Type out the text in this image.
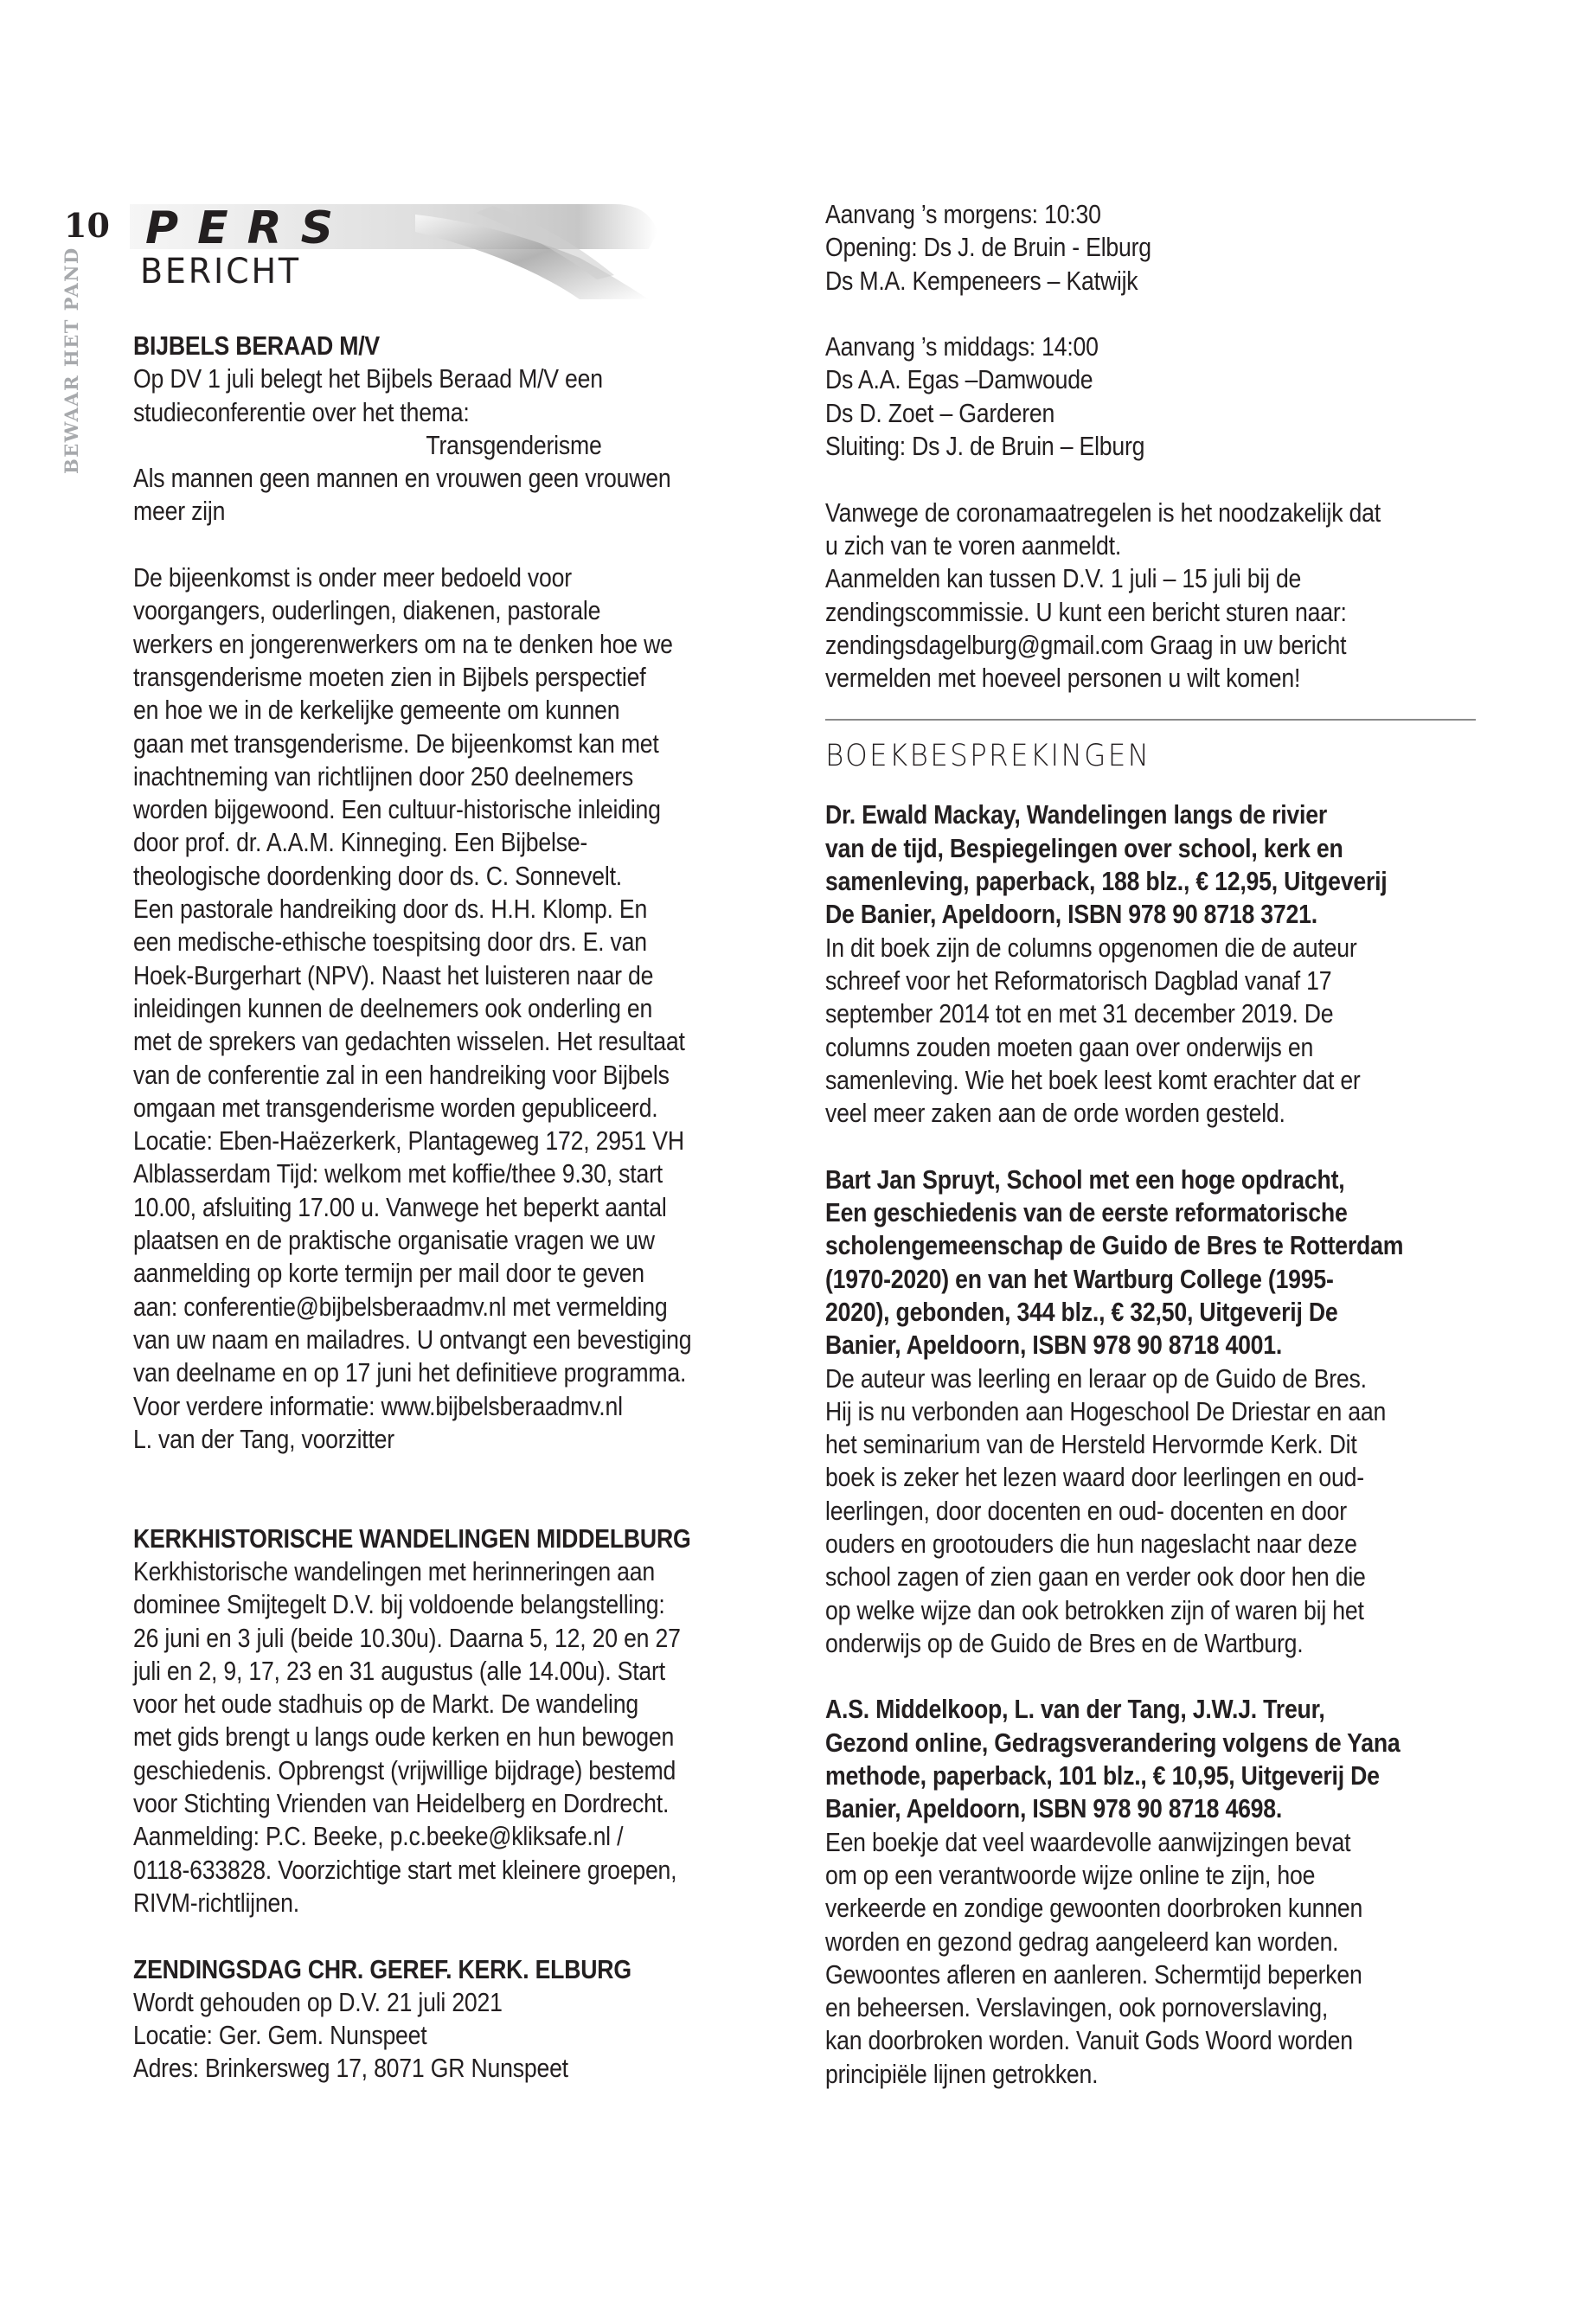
10
BEWAAR HET PAND
PERS
BERICHT
BIJBELS BERAAD M/V
Op DV 1 juli belegt het Bijbels Beraad M/V een
studieconferentie over het thema:
Transgenderisme
Als mannen geen mannen en vrouwen geen vrouwen
meer zijn
De bijeenkomst is onder meer bedoeld voor
voorgangers, ouderlingen, diakenen, pastorale
werkers en jongerenwerkers om na te denken hoe we
transgenderisme moeten zien in Bijbels perspectief
en hoe we in de kerkelijke gemeente om kunnen
gaan met transgenderisme. De bijeenkomst kan met
inachtneming van richtlijnen door 250 deelnemers
worden bijgewoond. Een cultuur-historische inleiding
door prof. dr. A.A.M. Kinneging. Een Bijbelse-
theologische doordenking door ds. C. Sonnevelt.
Een pastorale handreiking door ds. H.H. Klomp. En
een medische-ethische toespitsing door drs. E. van
Hoek-Burgerhart (NPV). Naast het luisteren naar de
inleidingen kunnen de deelnemers ook onderling en
met de sprekers van gedachten wisselen. Het resultaat
van de conferentie zal in een handreiking voor Bijbels
omgaan met transgenderisme worden gepubliceerd.
Locatie: Eben-Haëzerkerk, Plantageweg 172, 2951 VH
Alblasserdam Tijd: welkom met koffie/thee 9.30, start
10.00, afsluiting 17.00 u. Vanwege het beperkt aantal
plaatsen en de praktische organisatie vragen we uw
aanmelding op korte termijn per mail door te geven
aan: conferentie@bijbelsberaadmv.nl met vermelding
van uw naam en mailadres. U ontvangt een bevestiging
van deelname en op 17 juni het definitieve programma.
Voor verdere informatie: www.bijbelsberaadmv.nl
L. van der Tang, voorzitter
KERKHISTORISCHE WANDELINGEN MIDDELBURG
Kerkhistorische wandelingen met herinneringen aan
dominee Smijtegelt D.V. bij voldoende belangstelling:
26 juni en 3 juli (beide 10.30u). Daarna 5, 12, 20 en 27
juli en 2, 9, 17, 23 en 31 augustus (alle 14.00u). Start
voor het oude stadhuis op de Markt. De wandeling
met gids brengt u langs oude kerken en hun bewogen
geschiedenis. Opbrengst (vrijwillige bijdrage) bestemd
voor Stichting Vrienden van Heidelberg en Dordrecht.
Aanmelding: P.C. Beeke, p.c.beeke@kliksafe.nl /
0118-633828. Voorzichtige start met kleinere groepen,
RIVM-richtlijnen.
ZENDINGSDAG CHR. GEREF. KERK. ELBURG
Wordt gehouden op D.V. 21 juli 2021
Locatie: Ger. Gem. Nunspeet
Adres: Brinkersweg 17, 8071 GR Nunspeet
Aanvang ’s morgens: 10:30
Opening: Ds J. de Bruin - Elburg
Ds M.A. Kempeneers – Katwijk
Aanvang ’s middags: 14:00
Ds A.A. Egas –Damwoude
Ds D. Zoet – Garderen
Sluiting: Ds J. de Bruin – Elburg
Vanwege de coronamaatregelen is het noodzakelijk dat
u zich van te voren aanmeldt.
Aanmelden kan tussen D.V. 1 juli – 15 juli bij de
zendingscommissie. U kunt een bericht sturen naar:
zendingsdagelburg@gmail.com Graag in uw bericht
vermelden met hoeveel personen u wilt komen!
BOEKBESPREKINGEN
Dr. Ewald Mackay, Wandelingen langs de rivier
van de tijd, Bespiegelingen over school, kerk en
samenleving, paperback, 188 blz., € 12,95, Uitgeverij
De Banier, Apeldoorn, ISBN 978 90 8718 3721.
In dit boek zijn de columns opgenomen die de auteur
schreef voor het Reformatorisch Dagblad vanaf 17
september 2014 tot en met 31 december 2019. De
columns zouden moeten gaan over onderwijs en
samenleving. Wie het boek leest komt erachter dat er
veel meer zaken aan de orde worden gesteld.
Bart Jan Spruyt, School met een hoge opdracht,
Een geschiedenis van de eerste reformatorische
scholengemeenschap de Guido de Bres te Rotterdam
(1970-2020) en van het Wartburg College (1995-
2020), gebonden, 344 blz., € 32,50, Uitgeverij De
Banier, Apeldoorn, ISBN 978 90 8718 4001.
De auteur was leerling en leraar op de Guido de Bres.
Hij is nu verbonden aan Hogeschool De Driestar en aan
het seminarium van de Hersteld Hervormde Kerk. Dit
boek is zeker het lezen waard door leerlingen en oud-
leerlingen, door docenten en oud- docenten en door
ouders en grootouders die hun nageslacht naar deze
school zagen of zien gaan en verder ook door hen die
op welke wijze dan ook betrokken zijn of waren bij het
onderwijs op de Guido de Bres en de Wartburg.
A.S. Middelkoop, L. van der Tang, J.W.J. Treur,
Gezond online, Gedragsverandering volgens de Yana
methode, paperback, 101 blz., € 10,95, Uitgeverij De
Banier, Apeldoorn, ISBN 978 90 8718 4698.
Een boekje dat veel waardevolle aanwijzingen bevat
om op een verantwoorde wijze online te zijn, hoe
verkeerde en zondige gewoonten doorbroken kunnen
worden en gezond gedrag aangeleerd kan worden.
Gewoontes afleren en aanleren. Schermtijd beperken
en beheersen. Verslavingen, ook pornoverslaving,
kan doorbroken worden. Vanuit Gods Woord worden
principiële lijnen getrokken.
